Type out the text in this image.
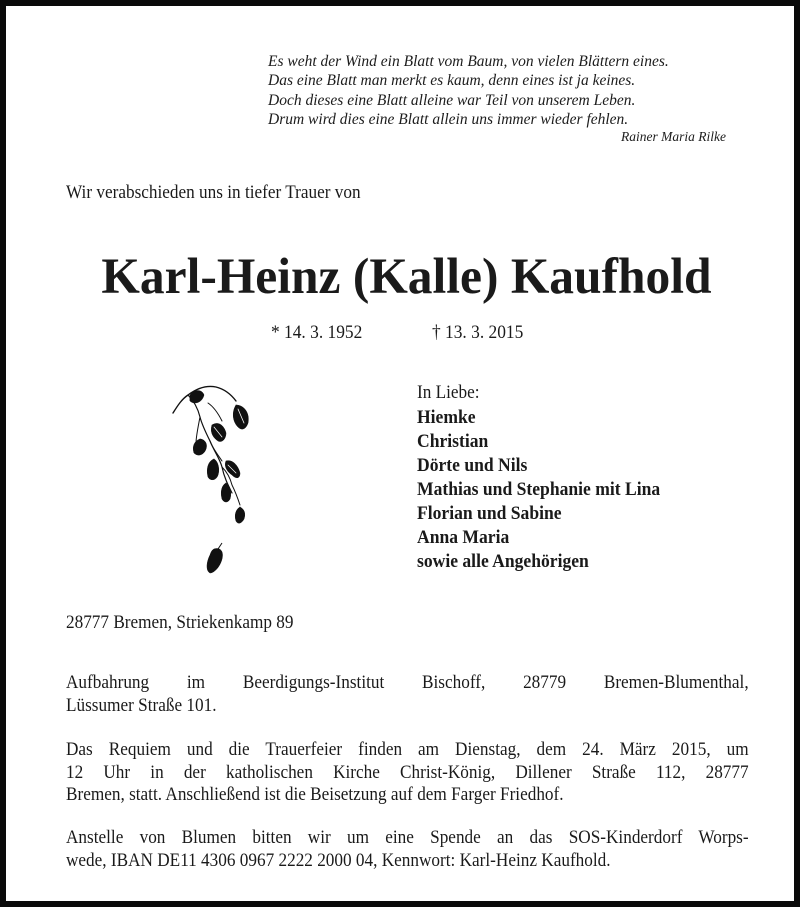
Es weht der Wind ein Blatt vom Baum, von vielen Blättern eines.
Das eine Blatt man merkt es kaum, denn eines ist ja keines.
Doch dieses eine Blatt alleine war Teil von unserem Leben.
Drum wird dies eine Blatt allein uns immer wieder fehlen.
Rainer Maria Rilke
Wir verabschieden uns in tiefer Trauer von
Karl-Heinz (Kalle) Kaufhold
* 14. 3. 1952	† 13. 3. 2015
In Liebe:
Hiemke
Christian
Dörte und Nils
Mathias und Stephanie mit Lina
Florian und Sabine
Anna Maria
sowie alle Angehörigen
28777 Bremen, Striekenkamp 89
Aufbahrung im Beerdigungs-Institut Bischoff, 28779 Bremen-Blumenthal,
Lüssumer Straße 101.
Das Requiem und die Trauerfeier finden am Dienstag, dem 24. März 2015, um
12 Uhr in der katholischen Kirche Christ-König, Dillener Straße 112, 28777
Bremen, statt. Anschließend ist die Beisetzung auf dem Farger Friedhof.
Anstelle von Blumen bitten wir um eine Spende an das SOS-Kinderdorf Worps-
wede, IBAN DE11 4306 0967 2222 2000 04, Kennwort: Karl-Heinz Kaufhold.
